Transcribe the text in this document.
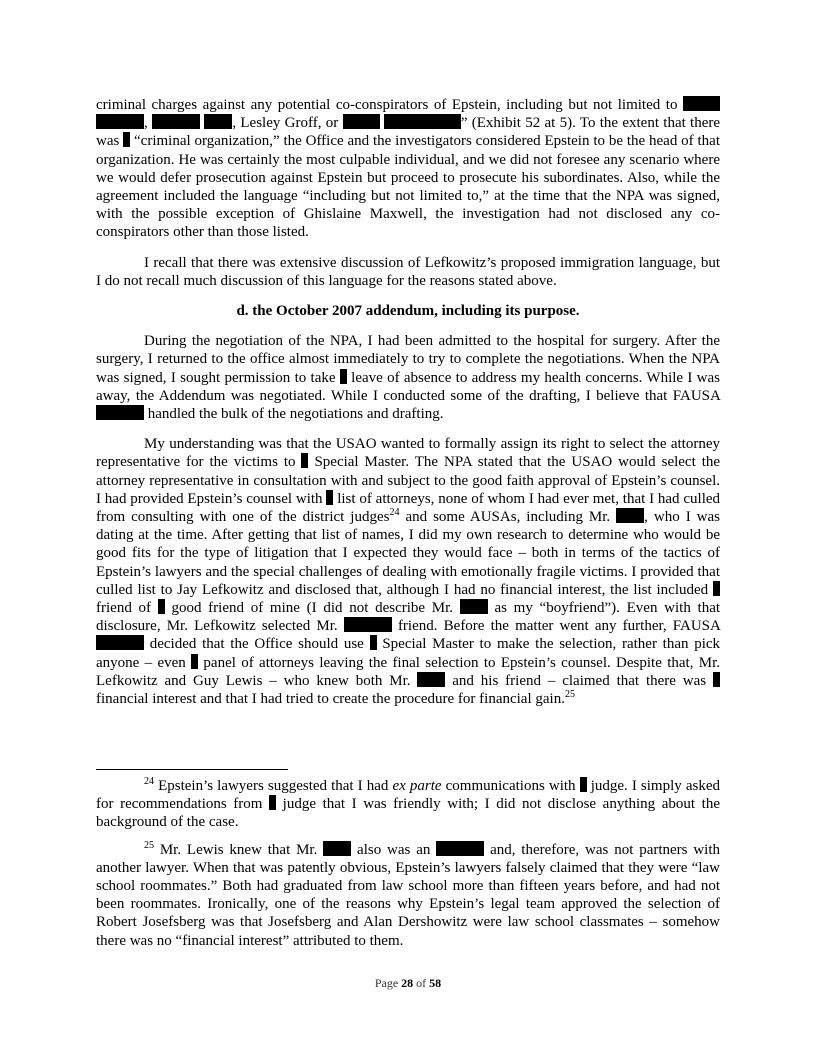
criminal charges against any potential co-conspirators of Epstein, including but not limited to  ,	, Lesley Groff, or	” (Exhibit 52 at 5). To the extent that there was “criminal organization,” the Office and the investigators considered Epstein to be the head of that organization. He was certainly the most culpable individual, and we did not foresee any scenario where we would defer prosecution against Epstein but proceed to prosecute his subordinates. Also, while the agreement included the language “including but not limited to,” at the time that the NPA was signed, with the possible exception of Ghislaine Maxwell, the investigation had not disclosed any co-conspirators other than those listed.

I recall that there was extensive discussion of Lefkowitz’s proposed immigration language, but I do not recall much discussion of this language for the reasons stated above.

d. the October 2007 addendum, including its purpose.

During the negotiation of the NPA, I had been admitted to the hospital for surgery. After the surgery, I returned to the office almost immediately to try to complete the negotiations. When the NPA was signed, I sought permission to take leave of absence to address my health concerns. While I was away, the Addendum was negotiated. While I conducted some of the drafting, I believe that FAUSA  handled the bulk of the negotiations and drafting.

My understanding was that the USAO wanted to formally assign its right to select the attorney representative for the victims to Special Master. The NPA stated that the USAO would select the attorney representative in consultation with and subject to the good faith approval of Epstein’s counsel. I had provided Epstein’s counsel with list of attorneys, none of whom I had ever met, that I had culled from consulting with one of the district judges$^{24}$ and some AUSAs, including Mr. , who I was dating at the time. After getting that list of names, I did my own research to determine who would be good fits for the type of litigation that I expected they would face – both in terms of the tactics of Epstein’s lawyers and the special challenges of dealing with emotionally fragile victims. I provided that culled list to Jay Lefkowitz and disclosed that, although I had no financial interest, the list included  friend of good friend of mine (I did not describe Mr.	as my “boyfriend”). Even with that disclosure, Mr. Lefkowitz selected Mr.	friend. Before the matter went any further, FAUSA  decided that the Office should use Special Master to make the selection, rather than pick anyone – even panel of attorneys leaving the final selection to Epstein’s counsel. Despite that, Mr. Lefkowitz and Guy Lewis – who knew both Mr.	and his friend – claimed that there was  financial interest and that I had tried to create the procedure for financial gain.$^{25}$

$^{24}$ Epstein’s lawyers suggested that I had ex parte communications with judge. I simply asked for recommendations from judge that I was friendly with; I did not disclose anything about the background of the case.

$^{25}$ Mr. Lewis knew that Mr.	also was an	and, therefore, was not partners with another lawyer. When that was patently obvious, Epstein’s lawyers falsely claimed that they were “law school roommates.” Both had graduated from law school more than fifteen years before, and had not been roommates. Ironically, one of the reasons why Epstein’s legal team approved the selection of Robert Josefsberg was that Josefsberg and Alan Dershowitz were law school classmates – somehow there was no “financial interest” attributed to them.

Page 28 of 58
